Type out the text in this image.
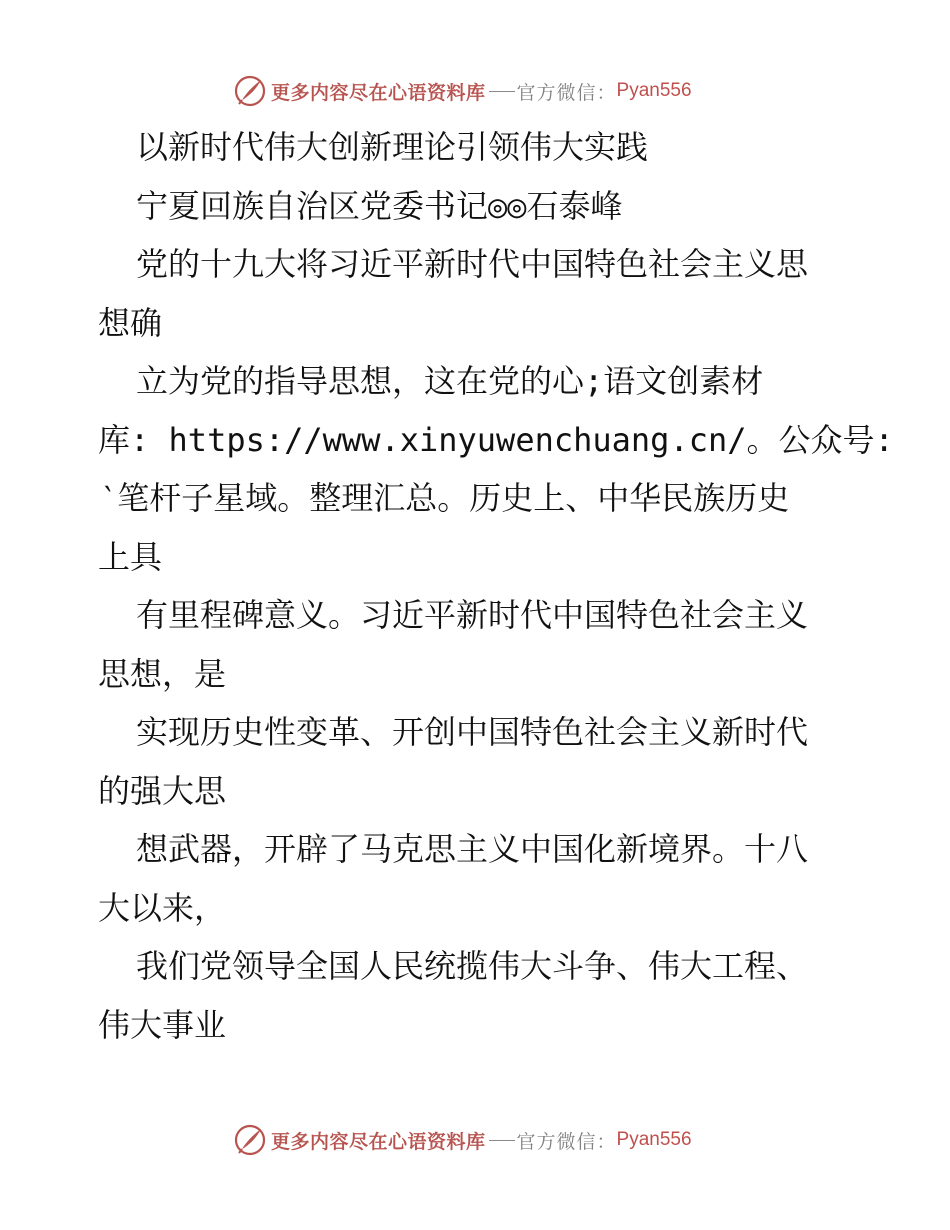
更多内容尽在心语资料库 官方微信： Pyan556
以新时代伟大创新理论引领伟大实践
宁夏回族自治区党委书记◎◎石泰峰
党的十九大将习近平新时代中国特色社会主义思
想确
立为党的指导思想，这在党的心;语文创素材
库: https://www.xinyuwenchuang.cn/。公众号:
‵笔杆子星域。整理汇总。历史上、中华民族历史
上具
有里程碑意义。习近平新时代中国特色社会主义
思想，是
实现历史性变革、开创中国特色社会主义新时代
的强大思
想武器，开辟了马克思主义中国化新境界。十八
大以来，
我们党领导全国人民统揽伟大斗争、伟大工程、
伟大事业
更多内容尽在心语资料库 官方微信： Pyan556
